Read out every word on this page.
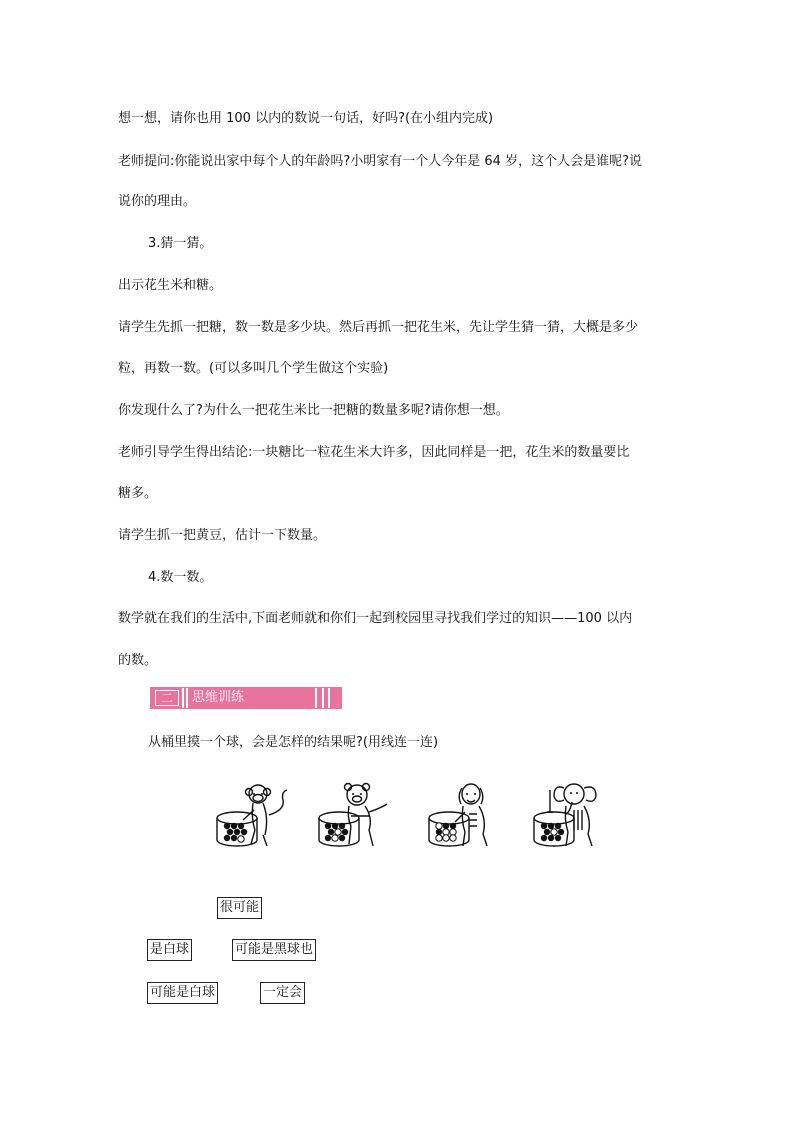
想一想，请你也用 100 以内的数说一句话，好吗?(在小组内完成)
老师提问:你能说出家中每个人的年龄吗?小明家有一个人今年是 64 岁，这个人会是谁呢?说
说你的理由。
3.猜一猜。
出示花生米和糖。
请学生先抓一把糖，数一数是多少块。然后再抓一把花生米，先让学生猜一猜，大概是多少
粒，再数一数。(可以多叫几个学生做这个实验)
你发现什么了?为什么一把花生米比一把糖的数量多呢?请你想一想。
老师引导学生得出结论:一块糖比一粒花生米大许多，因此同样是一把，花生米的数量要比
糖多。
请学生抓一把黄豆，估计一下数量。
4.数一数。
数学就在我们的生活中,下面老师就和你们一起到校园里寻找我们学过的知识——100 以内
的数。
二	思维训练
从桶里摸一个球，会是怎样的结果呢?(用线连一连)
很可能
是白球	可能是黑球也
可能是白球	一定会
